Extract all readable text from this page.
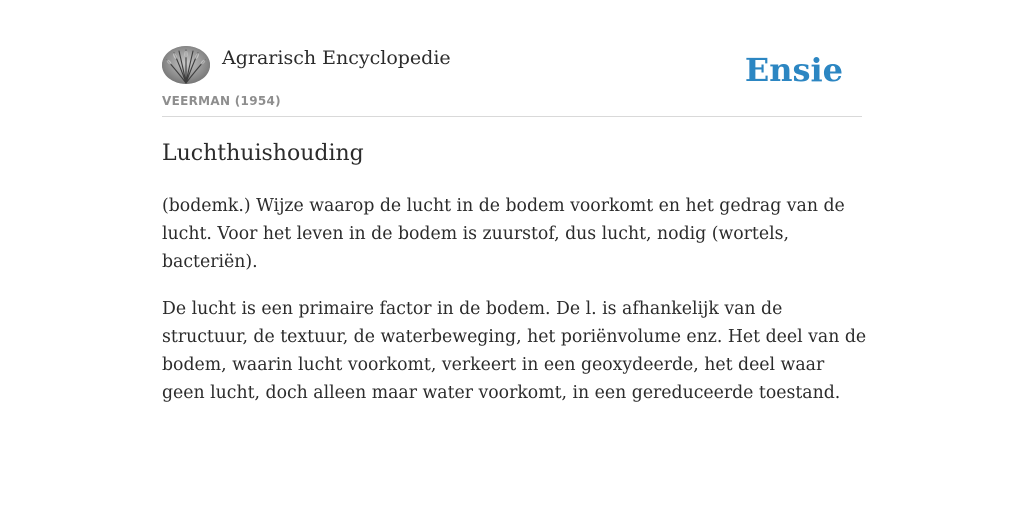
Agrarisch Encyclopedie
VEERMAN (1954)
Ensie
Luchthuishouding

(bodemk.) Wijze waarop de lucht in de bodem voorkomt en het gedrag van de lucht. Voor het leven in de bodem is zuurstof, dus lucht, nodig (wortels, bacteriën).

De lucht is een primaire factor in de bodem. De l. is afhankelijk van de structuur, de textuur, de waterbeweging, het poriënvolume enz. Het deel van de bodem, waarin lucht voorkomt, verkeert in een geoxydeerde, het deel waar geen lucht, doch alleen maar water voorkomt, in een gereduceerde toestand.
